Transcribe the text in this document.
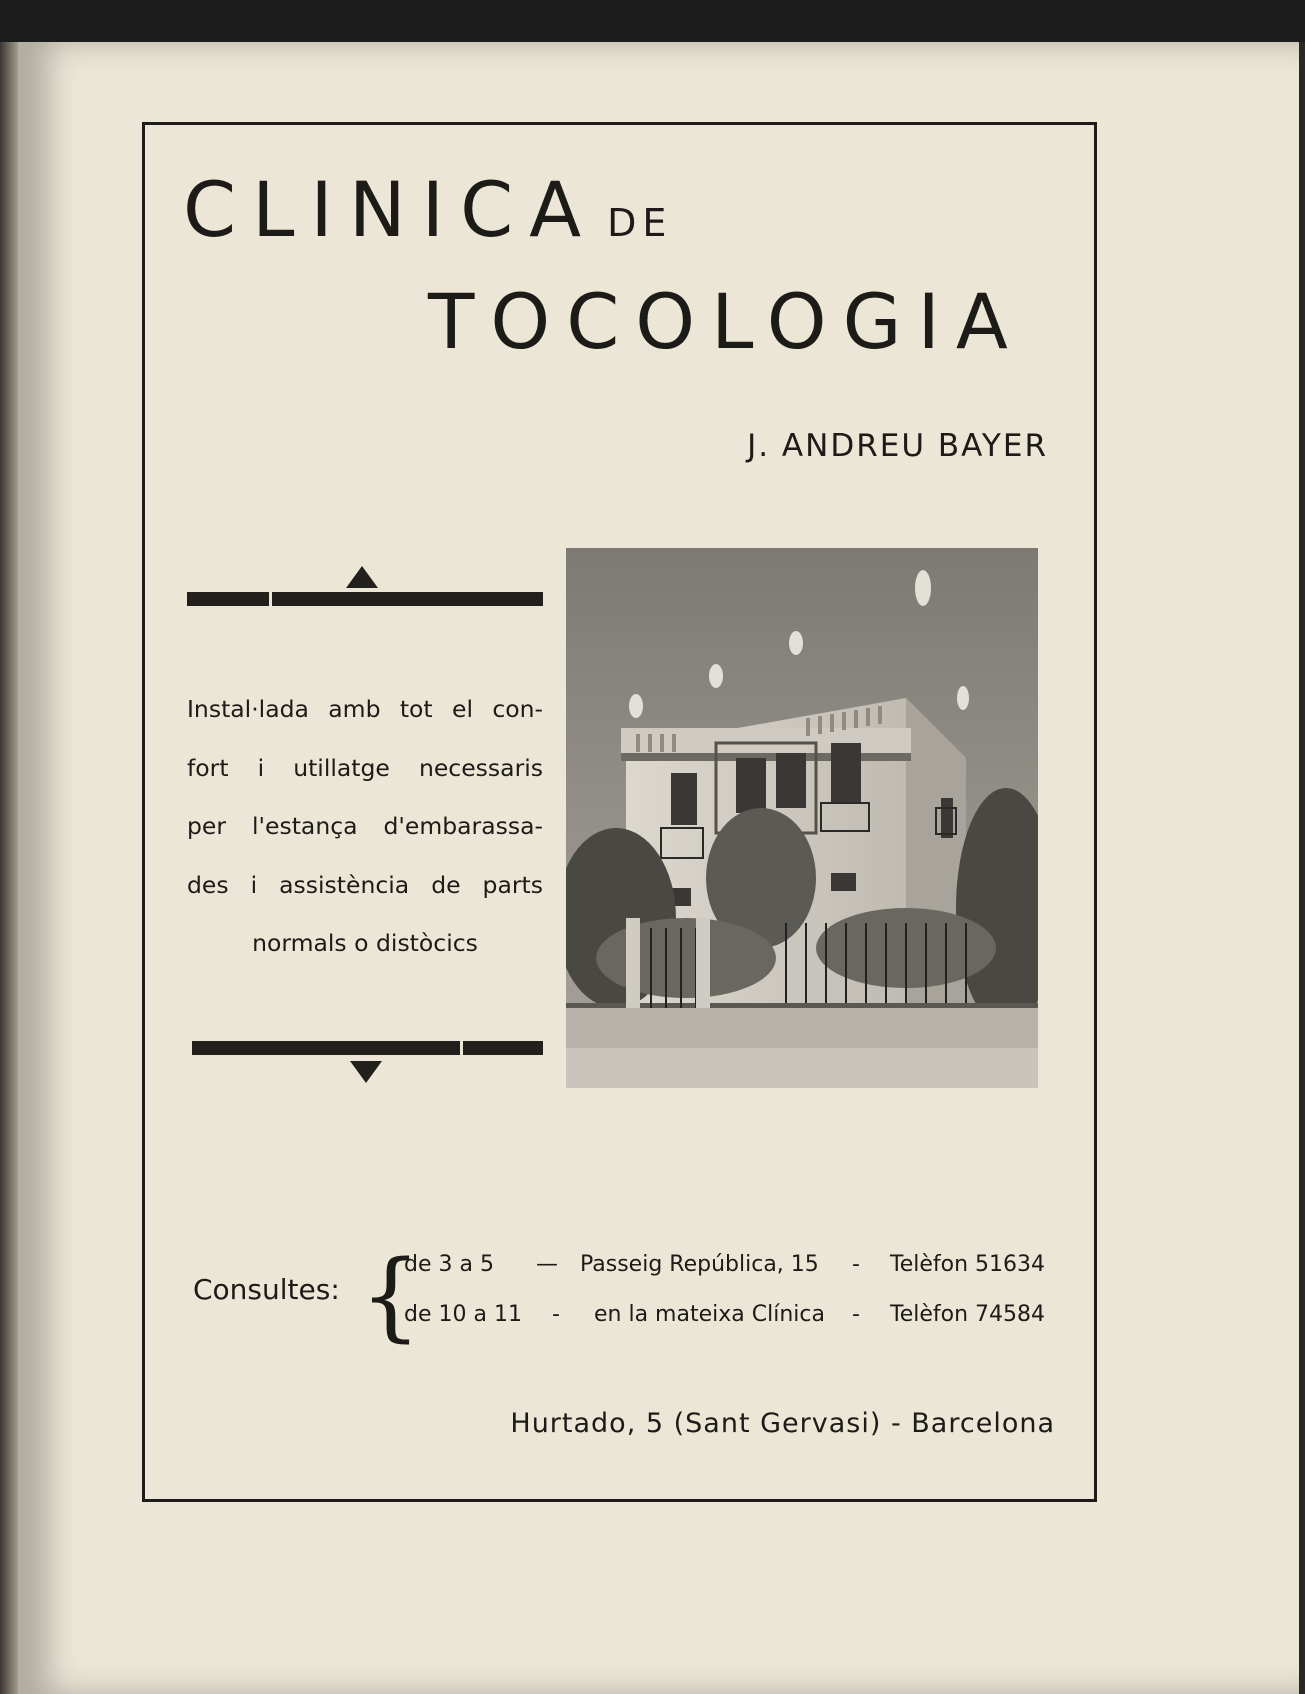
CLINICA DE
TOCOLOGIA
J. ANDREU BAYER
Instal·lada amb tot el con-
fort i utillatge necessaris
per l'estança d'embarassa-
des i assistència de parts
normals o distòcics
Consultes: {
de 3 a 5 — Passeig República, 15 - Telèfon 51634
de 10 a 11 - en la mateixa Clínica - Telèfon 74584
Hurtado, 5 (Sant Gervasi) - Barcelona
